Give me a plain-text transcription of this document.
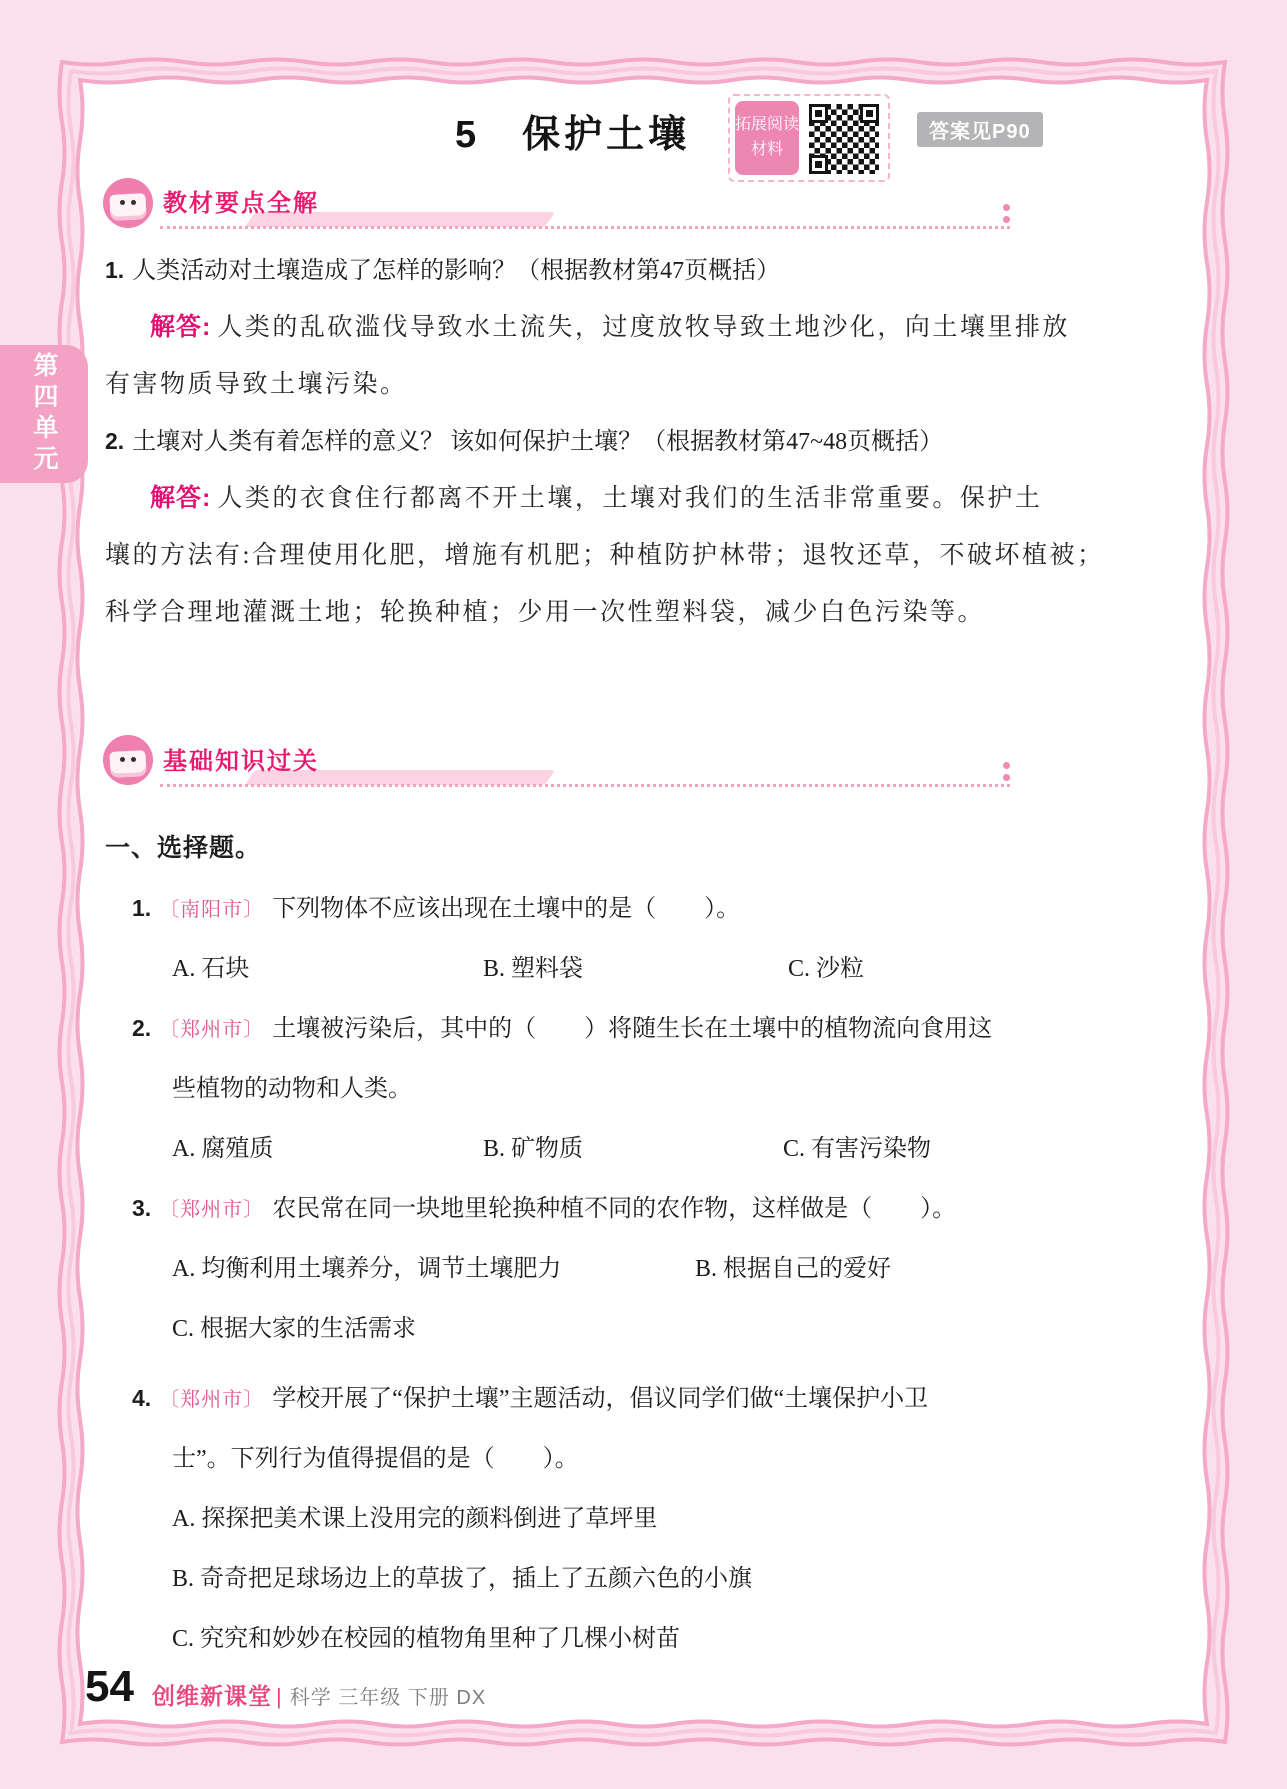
第四单元
5　保护土壤	拓展阅读
材料
答案见P90
教材要点全解
1. 人类活动对土壤造成了怎样的影响？（根据教材第47页概括）
解答: 人类的乱砍滥伐导致水土流失，过度放牧导致土地沙化，向土壤里排放
有害物质导致土壤污染。
2. 土壤对人类有着怎样的意义？ 该如何保护土壤？（根据教材第47~48页概括）
解答: 人类的衣食住行都离不开土壤，土壤对我们的生活非常重要。保护土
壤的方法有:合理使用化肥，增施有机肥；种植防护林带；退牧还草，不破坏植被；
科学合理地灌溉土地；轮换种植；少用一次性塑料袋，减少白色污染等。
基础知识过关
一、选择题。
1. 〔南阳市〕 下列物体不应该出现在土壤中的是（　　）。
A. 石块	B. 塑料袋	C. 沙粒
2. 〔郑州市〕 土壤被污染后，其中的（　　）将随生长在土壤中的植物流向食用这
些植物的动物和人类。
A. 腐殖质	B. 矿物质	C. 有害污染物
3. 〔郑州市〕 农民常在同一块地里轮换种植不同的农作物，这样做是（　　）。
A. 均衡利用土壤养分，调节土壤肥力	B. 根据自己的爱好
C. 根据大家的生活需求
4. 〔郑州市〕 学校开展了“保护土壤”主题活动，倡议同学们做“土壤保护小卫
士”。下列行为值得提倡的是（　　）。
A. 探探把美术课上没用完的颜料倒进了草坪里
B. 奇奇把足球场边上的草拔了，插上了五颜六色的小旗
C. 究究和妙妙在校园的植物角里种了几棵小树苗
54 创维新课堂 | 科学 三年级 下册 DX
